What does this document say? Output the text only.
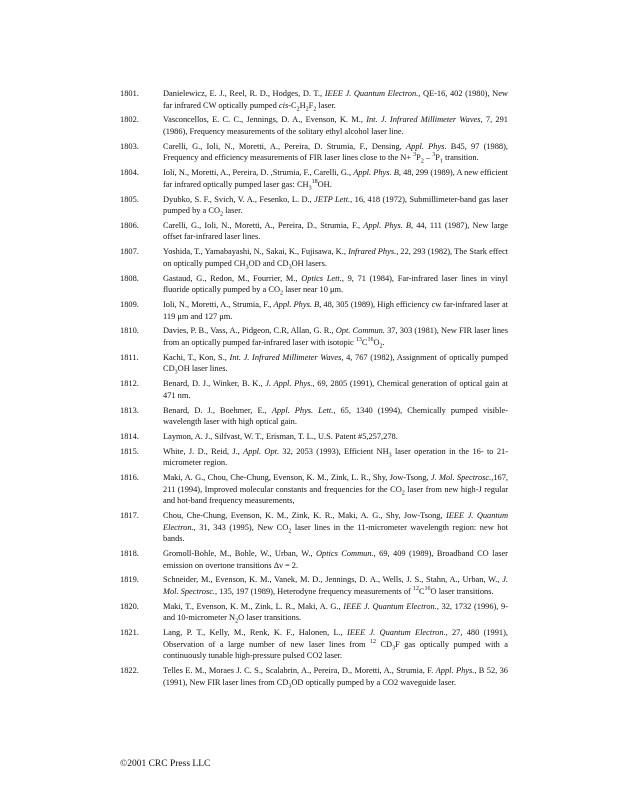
1801.	Danielewicz, E. J., Reel, R. D., Hodges, D. T., IEEE J. Quantum Electron., QE-16, 402 (1980), New far infrared CW optically pumped cis-$C_2H_2F_2$ laser.
1802.	Vasconcellos, E. C. C., Jennings, D. A., Evenson, K. M., Int. J. Infrared Millimeter Waves, 7, 291 (1986), Frequency measurements of the solitary ethyl alcohol laser line.
1803.	Carelli, G., Ioli, N., Moretti, A., Pereira, D. Strumia, F., Densing, Appl. Phys. B45, 97 (1988), Frequency and efficiency measurements of FIR laser lines close to the $N+ ^3P_2 - ^3P_1$ transition.
1804.	Ioli, N., Moretti, A., Pereira, D. ,Strumia, F., Carelli, G., Appl. Phys. B, 48, 299 (1989), A new efficient far infrared optically pumped laser gas: $CH_3^{18}OH$.
1805.	Dyubko, S. F., Svich, V. A., Fesenko, L. D., JETP Lett., 16, 418 (1972), Submillimeter-band gas laser pumped by a $CO_2$ laser.
1806.	Carelli, G., Ioli, N., Moretti, A., Pereira, D., Strumia, F., Appl. Phys. B, 44, 111 (1987), New large offset far-infrared laser lines.
1807.	Yoshida, T., Yamabayashi, N., Sakai, K., Fujisawa, K., Infrared Phys., 22, 293 (1982), The Stark effect on optically pumped $CH_3OD$ and $CD_3OH$ lasers.
1808.	Gastaud, G., Redon, M., Fourrier, M., Optics Lett., 9, 71 (1984), Far-infrared laser lines in vinyl fluoride optically pumped by a $CO_2$ laser near 10 μm.
1809.	Ioli, N., Moretti, A., Strumia, F., Appl. Phys. B, 48, 305 (1989), High efficiency cw far-infrared laser at 119 μm and 127 μm.
1810.	Davies, P. B., Vass, A., Pidgeon, C.R, Allan, G. R., Opt. Commun. 37, 303 (1981), New FIR laser lines from an optically pumped far-infrared laser with isotopic $^{13}C^{16}O_2$.
1811.	Kachi, T., Kon, S., Int. J. Infrared Millimeter Waves, 4, 767 (1982), Assignment of optically pumped $CD_3OH$ laser lines.
1812.	Benard, D. J., Winker, B. K., J. Appl. Phys., 69, 2805 (1991), Chemical generation of optical gain at 471 nm.
1813.	Benard, D. J., Boehmer, E., Appl. Phys. Lett., 65, 1340 (1994), Chemically pumped visible-wavelength laser with high optical gain.
1814.	Laymon, A. J., Silfvast, W. T., Erisman, T. L., U.S. Patent #5,257,278.
1815.	White, J. D., Reid, J., Appl. Opt. 32, 2053 (1993), Efficient $NH_3$ laser operation in the 16- to 21-micrometer region.
1816.	Maki, A. G., Chou, Che-Chung, Evenson, K. M., Zink, L. R., Shy, Jow-Tsong, J. Mol. Spectrosc.,167, 211 (1994), Improved molecular constants and frequencies for the $CO_2$ laser from new high-J regular and hot-band frequency measurements,
1817.	Chou, Che-Chung, Evenson, K. M., Zink, K. R., Maki, A. G., Shy, Jow-Tsong, IEEE J. Quantum Electron., 31, 343 (1995), New $CO_2$ laser lines in the 11-micrometer wavelength region: new hot bands.
1818.	Gromoll-Bohle, M., Bohle, W., Urban, W., Optics Commun., 69, 409 (1989), Broadband CO laser emission on overtone transitions Δν = 2.
1819.	Schneider, M., Evenson, K. M., Vanek, M. D., Jennings, D. A., Wells, J. S., Stahn, A., Urban, W., J. Mol. Spectrosc., 135, 197 (1989), Heterodyne frequency measurements of $^{12}C^{16}O$ laser transitions.
1820.	Maki, T., Evenson, K. M., Zink, L. R., Maki, A. G., IEEE J. Quantum Electron., 32, 1732 (1996), 9- and 10-micrometer $N_2O$ laser transitions.
1821.	Lang, P. T., Kelly, M., Renk, K. F., Halonen, L., IEEE J. Quantum Electron., 27, 480 (1991), Observation of a large number of new laser lines from $^{12}$ $CD_3F$ gas optically pumped with a continuously tunable high-pressure pulsed CO2 laser.
1822.	Telles E. M., Moraes J. C. S., Scalabrin, A., Pereira, D., Moretti, A., Strumia, F. Appl. Phys., B 52, 36 (1991), New FIR laser lines from $CD_3OD$ optically pumped by a CO2 waveguide laser.
©2001 CRC Press LLC
